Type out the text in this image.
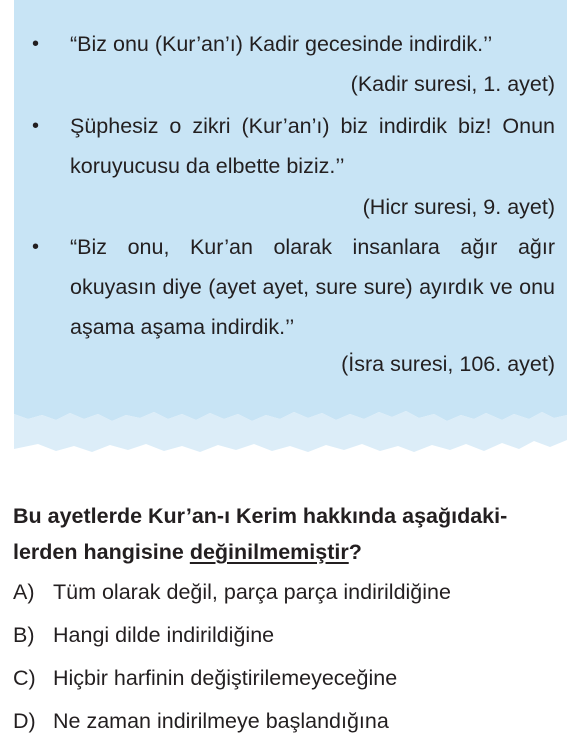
• “Biz onu (Kur’an’ı) Kadir gecesinde indirdik.’’
(Kadir suresi, 1. ayet)
• Şüphesiz o zikri (Kur’an’ı) biz indirdik biz! Onun koruyucusu da elbette biziz.’’
(Hicr suresi, 9. ayet)
• “Biz onu, Kur’an olarak insanlara ağır ağır okuyasın diye (ayet ayet, sure sure) ayırdık ve onu aşama aşama indirdik.’’
(İsra suresi, 106. ayet)
Bu ayetlerde Kur’an-ı Kerim hakkında aşağıdaki-
lerden hangisine değinilmemiştir?
A) Tüm olarak değil, parça parça indirildiğine
B) Hangi dilde indirildiğine
C) Hiçbir harfinin değiştirilemeyeceğine
D) Ne zaman indirilmeye başlandığına
